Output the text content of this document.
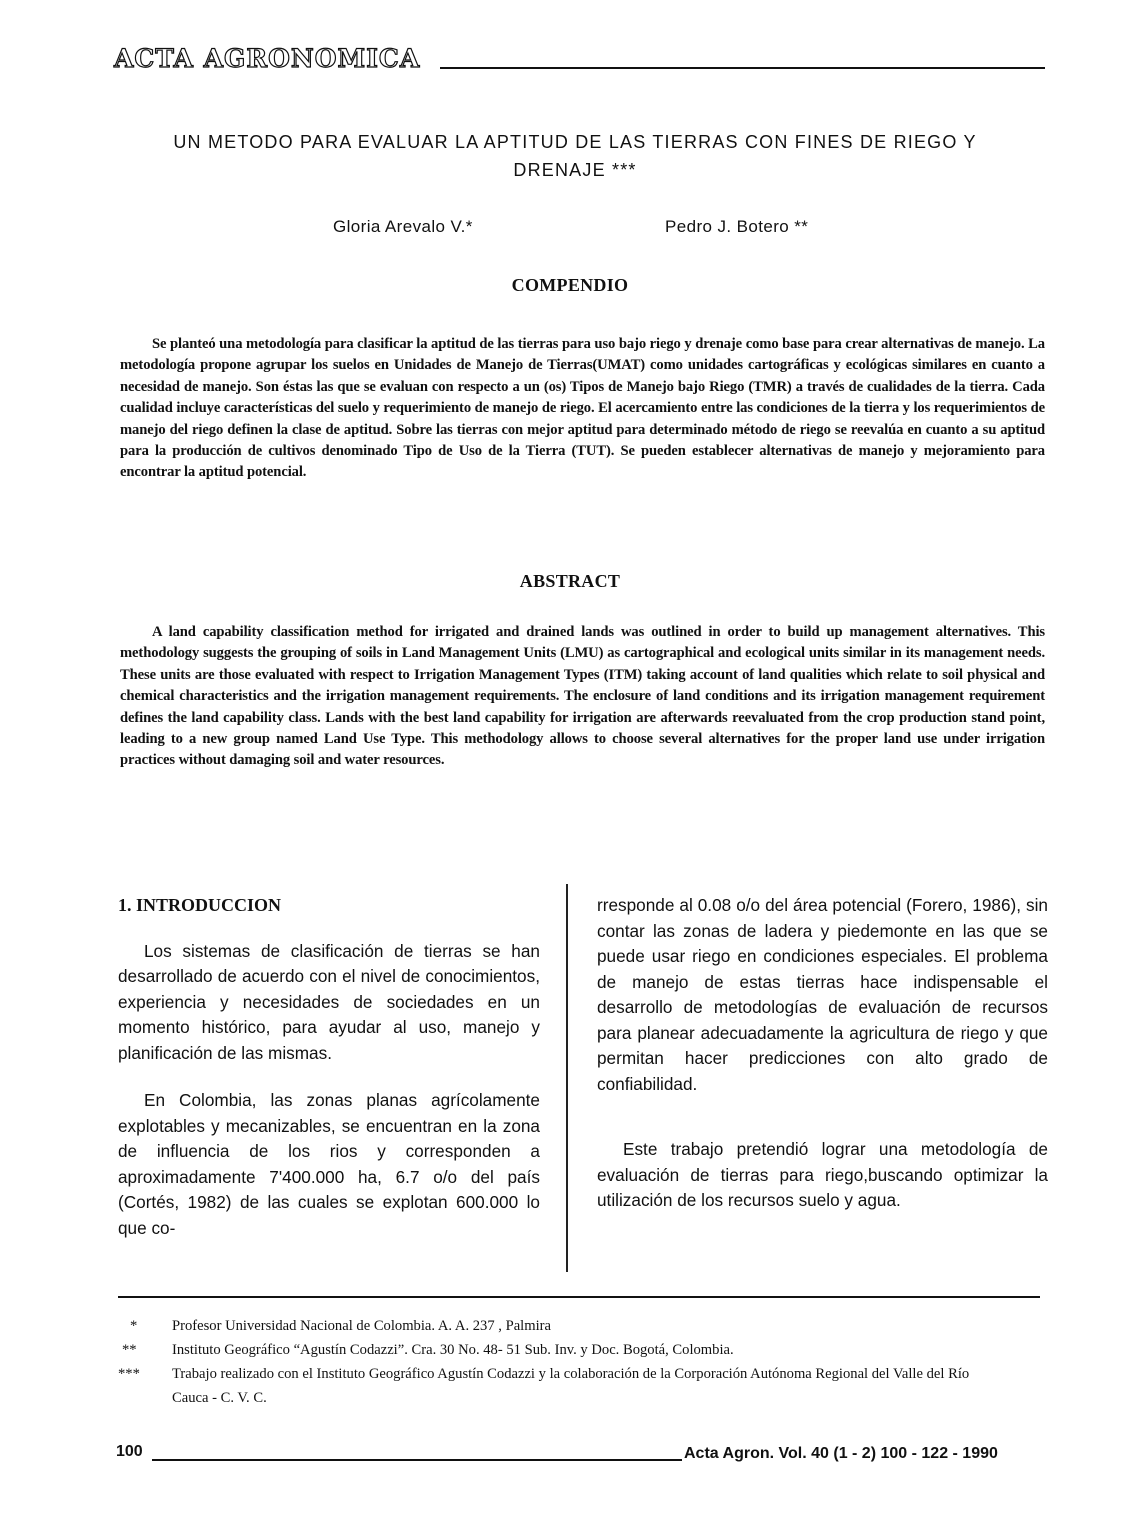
ACTA AGRONOMICA
UN METODO PARA EVALUAR LA APTITUD DE LAS TIERRAS CON FINES DE RIEGO Y
DRENAJE ***
Gloria Arevalo V.*	Pedro J. Botero **
COMPENDIO

Se planteó una metodología para clasificar la aptitud de las tierras para uso bajo riego y drenaje como base para crear alternativas de manejo. La metodología propone agrupar los suelos en Unidades de Manejo de Tierras(UMAT) como unidades cartográficas y ecológicas similares en cuanto a necesidad de manejo. Son éstas las que se evaluan con respecto a un (os) Tipos de Manejo bajo Riego (TMR) a través de cualidades de la tierra. Cada cualidad incluye características del suelo y requerimiento de manejo de riego. El acercamiento entre las condiciones de la tierra y los requerimientos de manejo del riego definen la clase de aptitud. Sobre las tierras con mejor aptitud para determinado método de riego se reevalúa en cuanto a su aptitud para la producción de cultivos denominado Tipo de Uso de la Tierra (TUT). Se pueden establecer alternativas de manejo y mejoramiento para encontrar la aptitud potencial.

ABSTRACT

A land capability classification method for irrigated and drained lands was outlined in order to build up management alternatives. This methodology suggests the grouping of soils in Land Management Units (LMU) as cartographical and ecological units similar in its management needs. These units are those evaluated with respect to Irrigation Management Types (ITM) taking account of land qualities which relate to soil physical and chemical characteristics and the irrigation management requirements. The enclosure of land conditions and its irrigation management requirement defines the land capability class. Lands with the best land capability for irrigation are afterwards reevaluated from the crop production stand point, leading to a new group named Land Use Type. This methodology allows to choose several alternatives for the proper land use under irrigation practices without damaging soil and water resources.

1. INTRODUCCION

Los sistemas de clasificación de tierras se han desarrollado de acuerdo con el nivel de conocimientos, experiencia y necesidades de sociedades en un momento histórico, para ayudar al uso, manejo y planificación de las mismas.

En Colombia, las zonas planas agrícolamente explotables y mecanizables, se encuentran en la zona de influencia de los rios y corresponden a aproximadamente 7'400.000 ha, 6.7 o/o del país (Cortés, 1982) de las cuales se explotan 600.000 lo que co-

rresponde al 0.08 o/o del área potencial (Forero, 1986), sin contar las zonas de ladera y piedemonte en las que se puede usar riego en condiciones especiales. El problema de manejo de estas tierras hace indispensable el desarrollo de metodologías de evaluación de recursos para planear adecuadamente la agricultura de riego y que permitan hacer predicciones con alto grado de confiabilidad.

Este trabajo pretendió lograr una metodología de evaluación de tierras para riego,buscando optimizar la utilización de los recursos suelo y agua.

*	Profesor Universidad Nacional de Colombia. A. A. 237 , Palmira
**	Instituto Geográfico “Agustín Codazzi”. Cra. 30 No. 48- 51 Sub. Inv. y Doc. Bogotá, Colombia.
***	Trabajo realizado con el Instituto Geográfico Agustín Codazzi y la colaboración de la Corporación Autónoma Regional del Valle del Río Cauca - C. V. C.
100	Acta Agron. Vol. 40 (1 - 2) 100 - 122 - 1990
